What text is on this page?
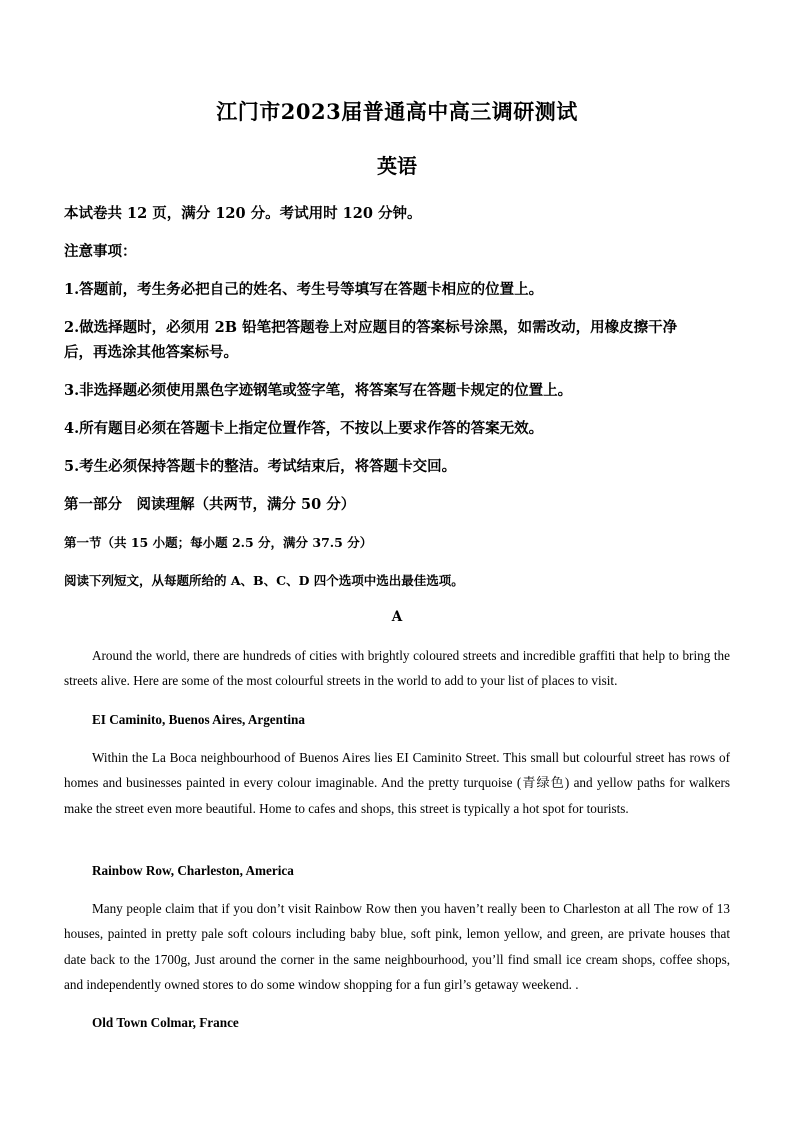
江门市2023届普通高中高三调研测试
英语

本试卷共 12 页，满分 120 分。考试用时 120 分钟。

注意事项：

1.答题前，考生务必把自己的姓名、考生号等填写在答题卡相应的位置上。

2.做选择题时，必须用 2B 铅笔把答题卷上对应题目的答案标号涂黑，如需改动，用橡皮擦干净

后，再选涂其他答案标号。

3.非选择题必须使用黑色字迹钢笔或签字笔，将答案写在答题卡规定的位置上。

4.所有题目必须在答题卡上指定位置作答，不按以上要求作答的答案无效。

5.考生必须保持答题卡的整洁。考试结束后，将答题卡交回。

第一部分　阅读理解（共两节，满分 50 分）

第一节（共 15 小题；每小题 2.5 分，满分 37.5 分）

阅读下列短文，从每题所给的 A、B、C、D 四个选项中选出最佳选项。

A

Around the world, there are hundreds of cities with brightly coloured streets and incredible graffiti that help to bring the streets alive. Here are some of the most colourful streets in the world to add to your list of places to visit.

EI Caminito, Buenos Aires, Argentina

Within the La Boca neighbourhood of Buenos Aires lies EI Caminito Street. This small but colourful street has rows of homes and businesses painted in every colour imaginable. And the pretty turquoise (青绿色) and yellow paths for walkers make the street even more beautiful. Home to cafes and shops, this street is typically a hot spot for tourists.

Rainbow Row, Charleston, America

Many people claim that if you don’t visit Rainbow Row then you haven’t really been to Charleston at all The row of 13 houses, painted in pretty pale soft colours including baby blue, soft pink, lemon yellow, and green, are private houses that date back to the 1700g, Just around the corner in the same neighbourhood, you’ll find small ice cream shops, coffee shops, and independently owned stores to do some window shopping for a fun girl’s getaway weekend. .

Old Town Colmar, France
